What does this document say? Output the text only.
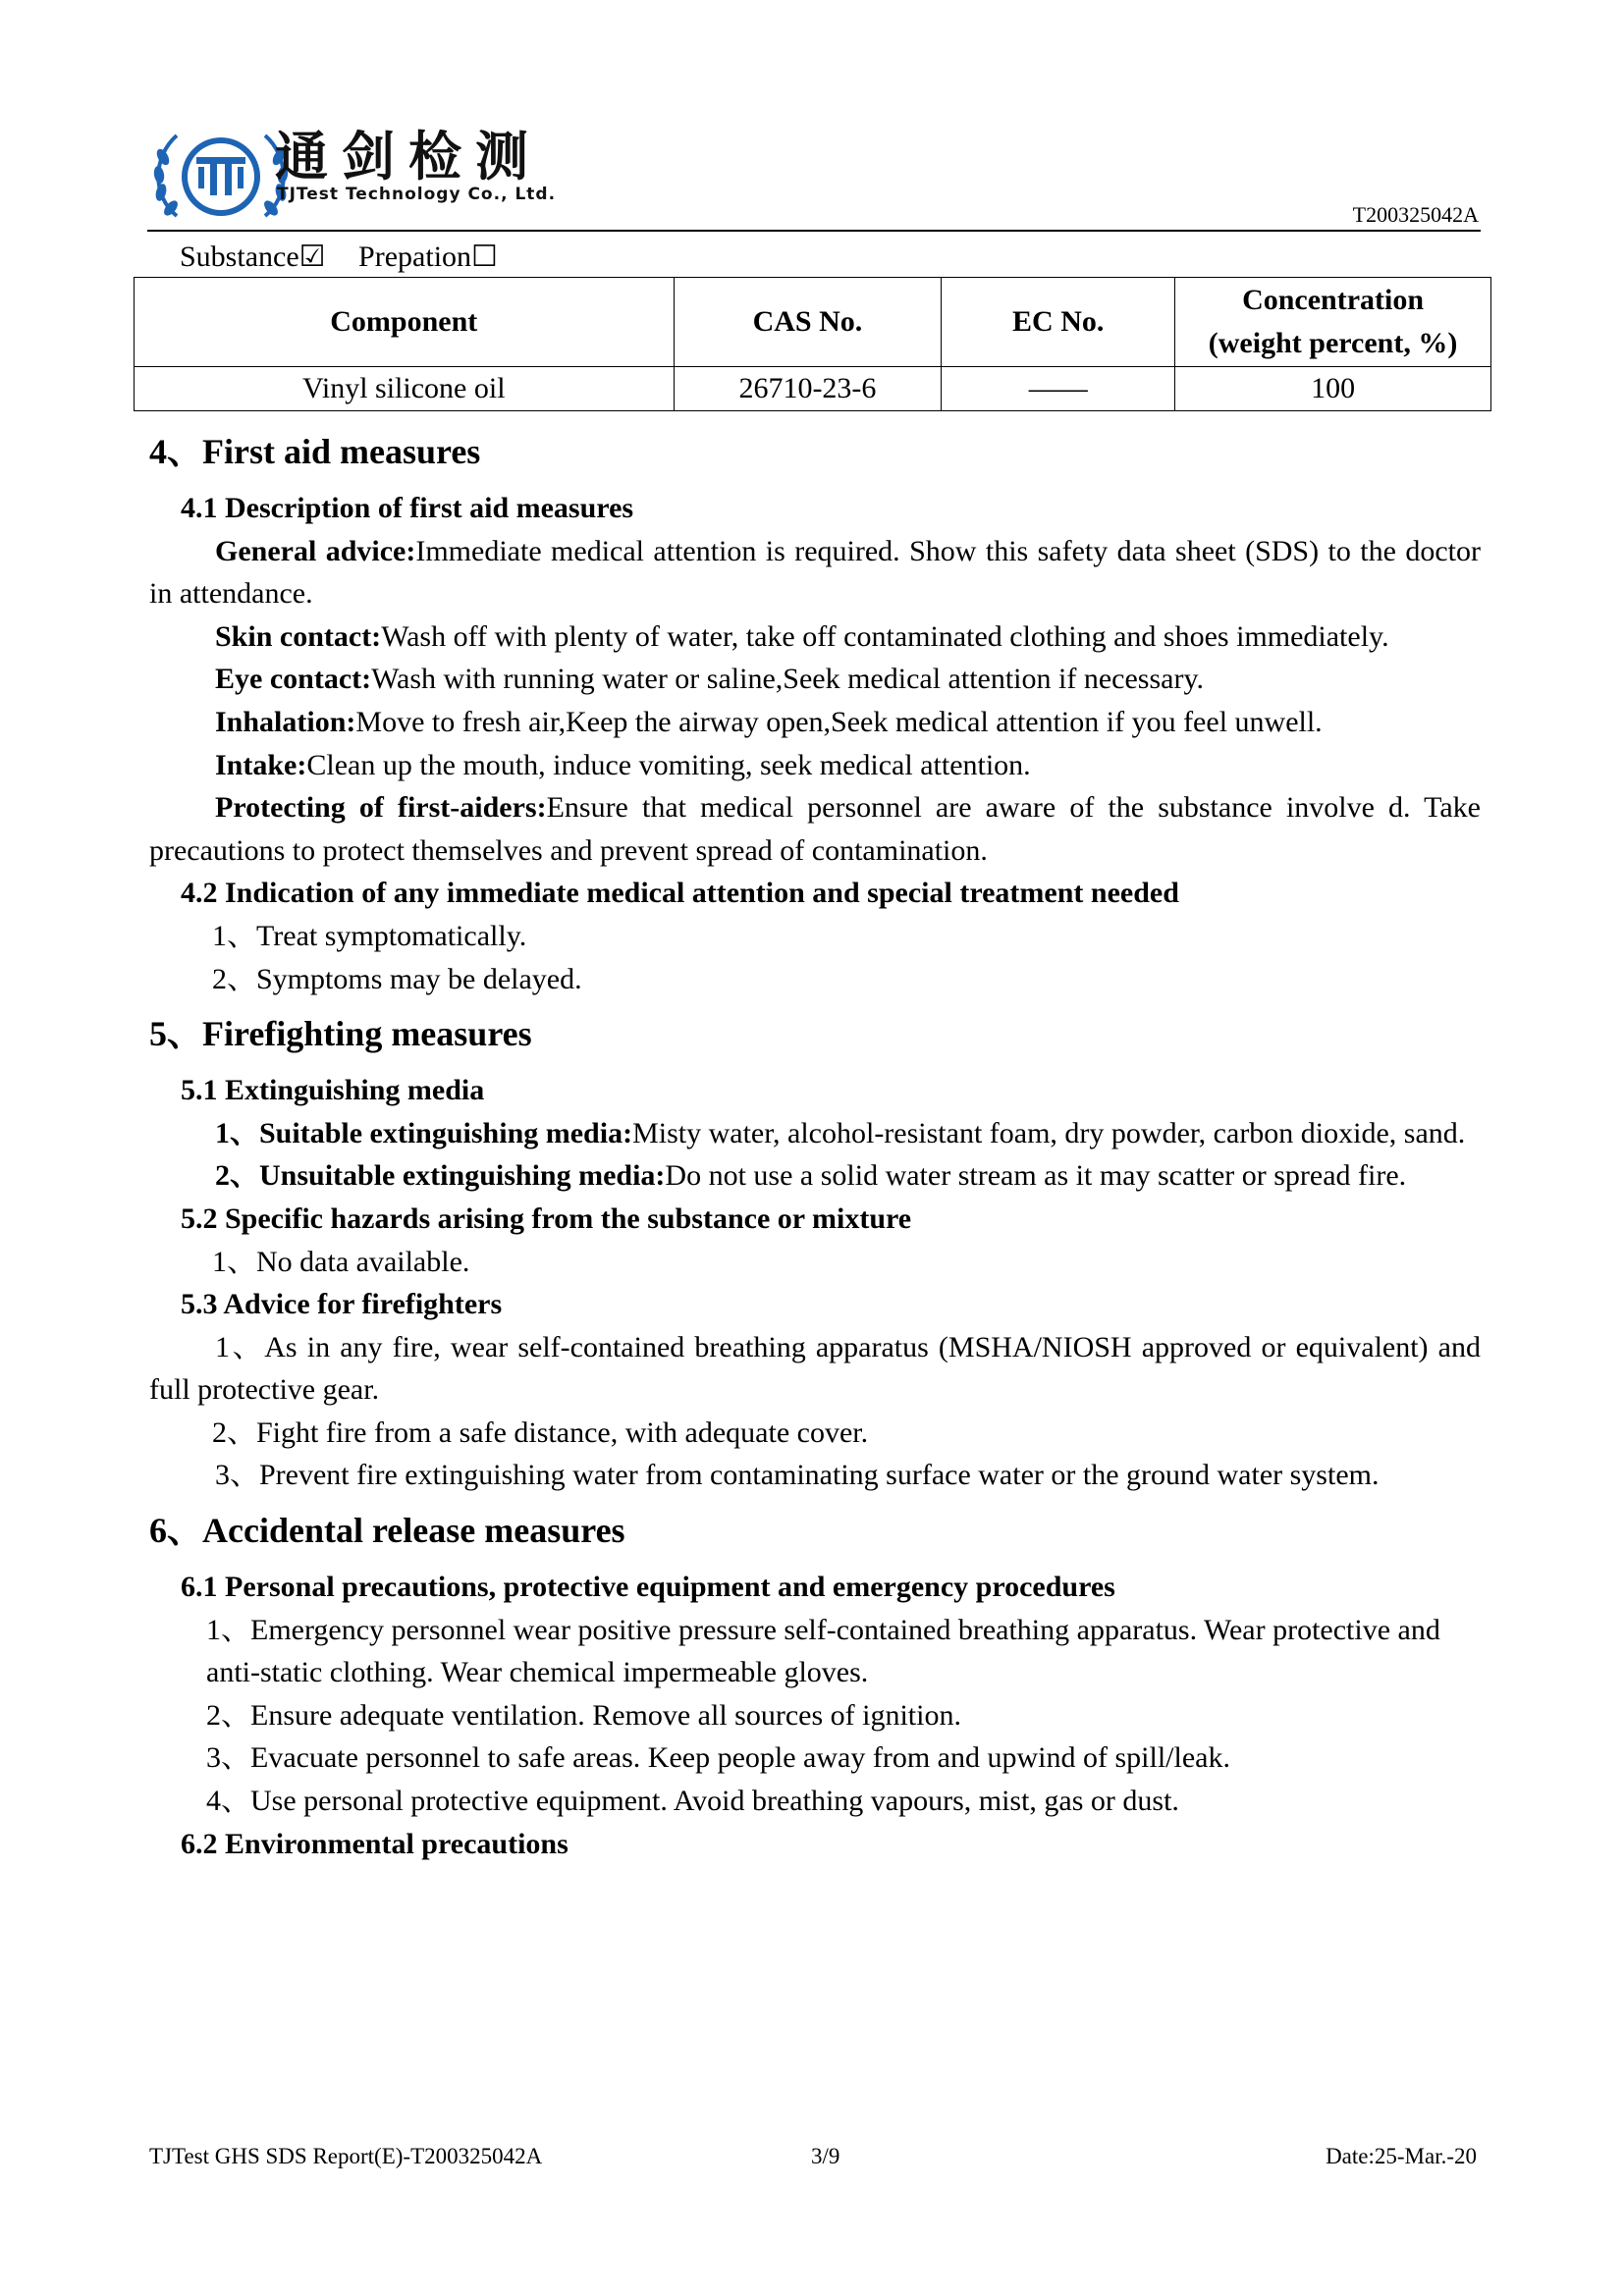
通剑检测
TJTest Technology Co., Ltd.
T200325042A
Substance☑ Prepation☐
Component	CAS No.	EC No.	Concentration
(weight percent, %)

Vinyl silicone oil	26710-23-6	——	100
4、First aid measures
4.1 Description of first aid measures
General advice:Immediate medical attention is required. Show this safety data sheet (SDS) to the doctor in attendance.
Skin contact:Wash off with plenty of water, take off contaminated clothing and shoes immediately.
Eye contact:Wash with running water or saline,Seek medical attention if necessary.
Inhalation:Move to fresh air,Keep the airway open,Seek medical attention if you feel unwell.
Intake:Clean up the mouth, induce vomiting, seek medical attention.
Protecting of first-aiders:Ensure that medical personnel are aware of the substance involve d. Take precautions to protect themselves and prevent spread of contamination.
4.2 Indication of any immediate medical attention and special treatment needed
1、Treat symptomatically.
2、Symptoms may be delayed.
5、Firefighting measures
5.1 Extinguishing media
1、Suitable extinguishing media:Misty water, alcohol-resistant foam, dry powder, carbon dioxide, sand.
2、Unsuitable extinguishing media:Do not use a solid water stream as it may scatter or spread fire.
5.2 Specific hazards arising from the substance or mixture
1、No data available.
5.3 Advice for firefighters
1、As in any fire, wear self-contained breathing apparatus (MSHA/NIOSH approved or equivalent) and full protective gear.
2、Fight fire from a safe distance, with adequate cover.
3、Prevent fire extinguishing water from contaminating surface water or the ground water system.
6、Accidental release measures
6.1 Personal precautions, protective equipment and emergency procedures
1、Emergency personnel wear positive pressure self-contained breathing apparatus. Wear protective and anti-static clothing. Wear chemical impermeable gloves.
2、Ensure adequate ventilation. Remove all sources of ignition.
3、Evacuate personnel to safe areas. Keep people away from and upwind of spill/leak.
4、Use personal protective equipment. Avoid breathing vapours, mist, gas or dust.
6.2 Environmental precautions
TJTest GHS SDS Report(E)-T200325042A	3/9	Date:25-Mar.-20
